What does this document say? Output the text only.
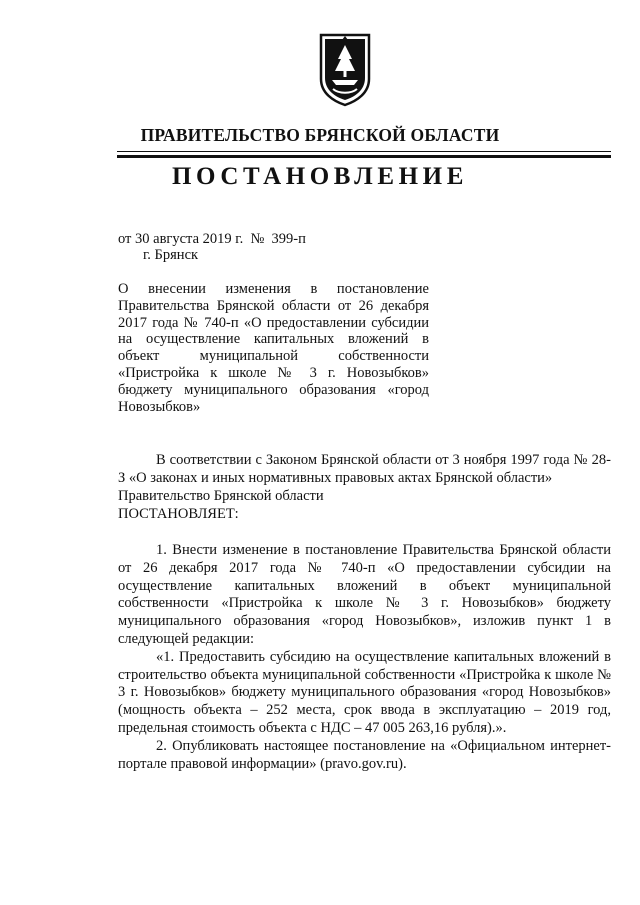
ПРАВИТЕЛЬСТВО БРЯНСКОЙ ОБЛАСТИ
ПОСТАНОВЛЕНИЕ
от 30 августа 2019 г.  №  399-п
г. Брянск
О внесении изменения в постановление Правительства Брянской области от 26 декабря 2017 года № 740-п «О предоставлении субсидии на осуществление капитальных вложений в объект муниципальной собственности «Пристройка к школе № 3 г. Новозыбков» бюджету муниципального образования «город Новозыбков»
В соответствии с Законом Брянской области от 3 ноября 1997 года № 28-З «О законах и иных нормативных правовых актах Брянской области»
Правительство Брянской области
ПОСТАНОВЛЯЕТ:

1. Внести изменение в постановление Правительства Брянской области от 26 декабря 2017 года № 740-п «О предоставлении субсидии на осуществление капитальных вложений в объект муниципальной собственности «Пристройка к школе № 3 г. Новозыбков» бюджету муниципального образования «город Новозыбков», изложив пункт 1 в следующей редакции:

«1. Предоставить субсидию на осуществление капитальных вложений в строительство объекта муниципальной собственности «Пристройка к школе № 3 г. Новозыбков» бюджету муниципального образования «город Новозыбков» (мощность объекта – 252 места, срок ввода в эксплуатацию – 2019 год, предельная стоимость объекта с НДС – 47 005 263,16 рубля).».

2. Опубликовать настоящее постановление на «Официальном интернет-портале правовой информации» (pravo.gov.ru).
